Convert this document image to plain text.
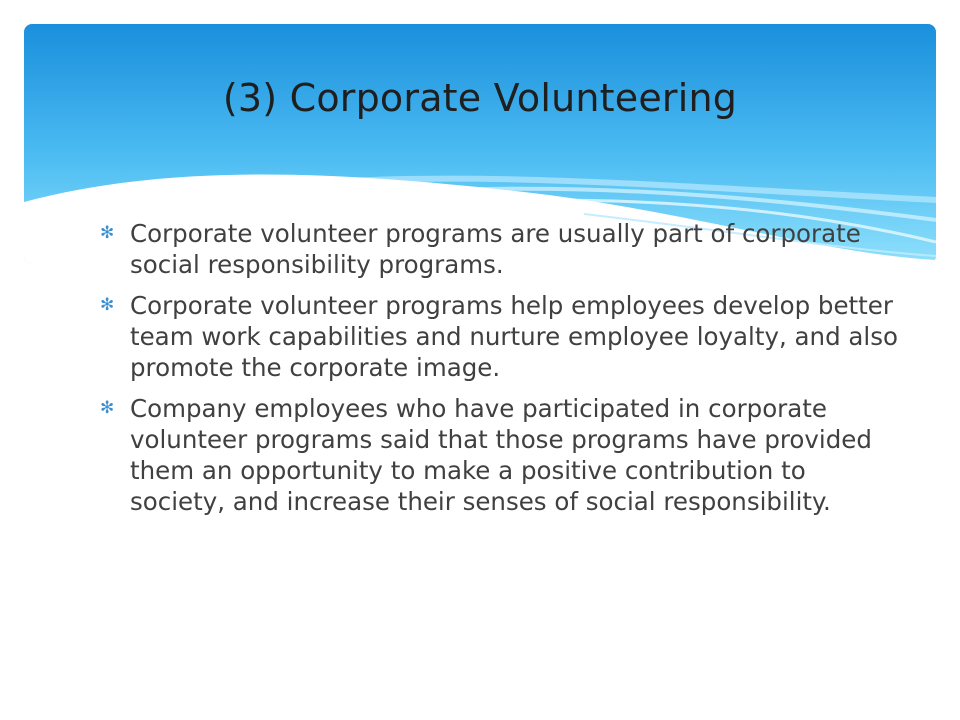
(3) Corporate Volunteering
✻ Corporate volunteer programs are usually part of corporate social responsibility programs.
✻ Corporate volunteer programs help employees develop better team work capabilities and nurture employee loyalty, and also promote the corporate image.
✻ Company employees who have participated in corporate volunteer programs said that those programs have provided them an opportunity to make a positive contribution to society, and increase their senses of social responsibility.
